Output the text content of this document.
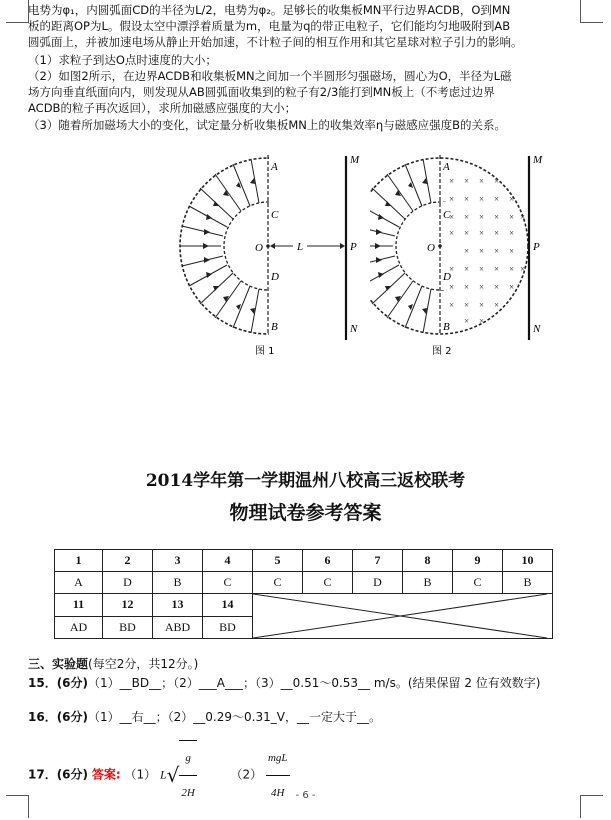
电势为φ₁，内圆弧面CD的半径为L/2，电势为φ₂。足够长的收集板MN平行边界ACDB，O到MN
板的距离OP为L。假设太空中漂浮着质量为m，电量为q的带正电粒子，它们能均匀地吸附到AB
圆弧面上，并被加速电场从静止开始加速，不计粒子间的相互作用和其它星球对粒子引力的影响。
（1）求粒子到达O点时速度的大小；
（2）如图2所示，在边界ACDB和收集板MN之间加一个半圆形匀强磁场，圆心为O，半径为L磁
场方向垂直纸面向内，则发现从AB圆弧面收集到的粒子有2/3能打到MN板上（不考虑过边界
ACDB的粒子再次返回），求所加磁感应强度的大小；
（3）随着所加磁场大小的变化，试定量分析收集板MN上的收集效率η与磁感应强度B的关系。
A
C
O
D
B
L
M
P
N
图 1
× × × ×
× × × × ×
× × × × × ×
× × × × ×
× × × ×
× × × × × ×
× × × × ×
× × × ×
× ×
A
C
O
D
B
M
P
N
图 2
2014学年第一学期温州八校高三返校联考
物理试卷参考答案
1	2	3	4	5	6	7	8	9	10
A	D	B	C	C	C	D	B	C	B
11	12	13	14	

AD	BD	ABD	BD						
三、实验题(每空2分，共12分。)
15．(6分)（1）__BD__；（2）___A___；（3）__0.51～0.53__ m/s。(结果保留 2 位有效数字)
16．(6分)（1）__右__；（2）__0.29～0.31_V，__一定大于__。
17．(6分) 答案: （1） $L√ \frac{g}{2H}$	$(2) \frac{\text{mgL}}{4H} - 6$ -
